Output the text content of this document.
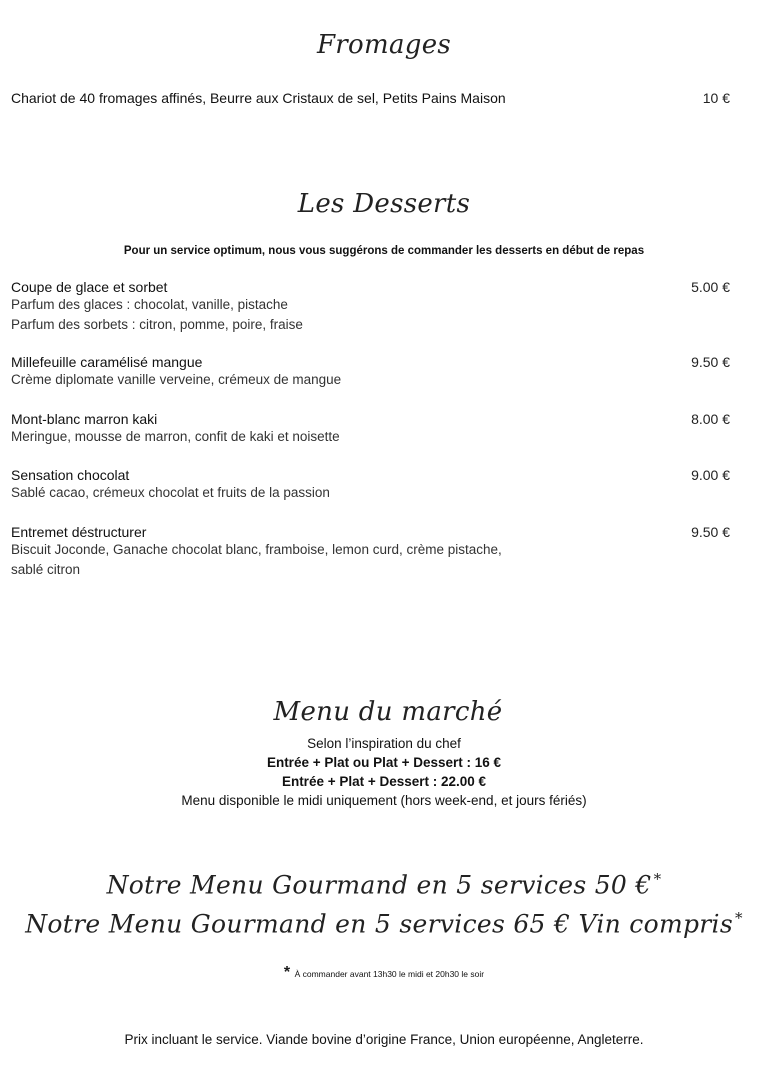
Fromages
Chariot de 40 fromages affinés, Beurre aux Cristaux de sel, Petits Pains Maison	10 €
Les Desserts
Pour un service optimum, nous vous suggérons de commander les desserts en début de repas
Coupe de glace et sorbet	5.00 €
Parfum des glaces : chocolat, vanille, pistache
Parfum des sorbets : citron, pomme, poire, fraise
Millefeuille caramélisé mangue	9.50 €
Crème diplomate vanille verveine, crémeux de mangue
Mont-blanc marron kaki	8.00 €
Meringue, mousse de marron, confit de kaki et noisette
Sensation chocolat	9.00 €
Sablé cacao, crémeux chocolat et fruits de la passion
Entremet déstructurer	9.50 €
Biscuit Joconde, Ganache chocolat blanc, framboise, lemon curd, crème pistache,
sablé citron
Menu du marché
Selon l’inspiration du chef
Entrée + Plat ou Plat + Dessert : 16 €
Entrée + Plat + Dessert : 22.00 €
Menu disponible le midi uniquement (hors week-end, et jours fériés)
Notre Menu Gourmand en 5 services 50 € *
Notre Menu Gourmand en 5 services 65 € Vin compris *
* À commander avant 13h30 le midi et 20h30 le soir
Prix incluant le service. Viande bovine d’origine France, Union européenne, Angleterre.
